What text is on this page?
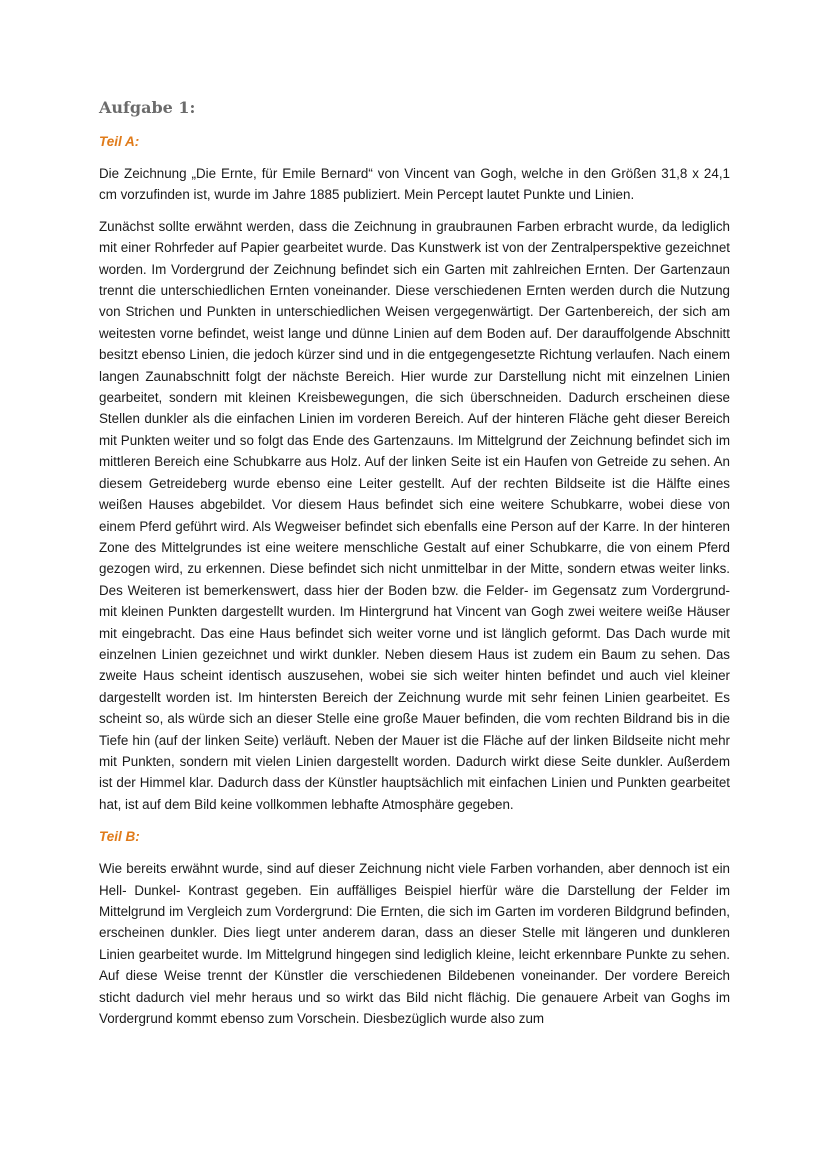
Aufgabe 1:
Teil A:

Die Zeichnung „Die Ernte, für Emile Bernard“ von Vincent van Gogh, welche in den Größen 31,8 x 24,1 cm vorzufinden ist, wurde im Jahre 1885 publiziert. Mein Percept lautet Punkte und Linien.

Zunächst sollte erwähnt werden, dass die Zeichnung in graubraunen Farben erbracht wurde, da lediglich mit einer Rohrfeder auf Papier gearbeitet wurde. Das Kunstwerk ist von der Zentralperspektive gezeichnet worden. Im Vordergrund der Zeichnung befindet sich ein Garten mit zahlreichen Ernten. Der Gartenzaun trennt die unterschiedlichen Ernten voneinander. Diese verschiedenen Ernten werden durch die Nutzung von Strichen und Punkten in unterschiedlichen Weisen vergegenwärtigt. Der Gartenbereich, der sich am weitesten vorne befindet, weist lange und dünne Linien auf dem Boden auf. Der darauffolgende Abschnitt besitzt ebenso Linien, die jedoch kürzer sind und in die entgegengesetzte Richtung verlaufen. Nach einem langen Zaunabschnitt folgt der nächste Bereich. Hier wurde zur Darstellung nicht mit einzelnen Linien gearbeitet, sondern mit kleinen Kreisbewegungen, die sich überschneiden. Dadurch erscheinen diese Stellen dunkler als die einfachen Linien im vorderen Bereich. Auf der hinteren Fläche geht dieser Bereich mit Punkten weiter und so folgt das Ende des Gartenzauns. Im Mittelgrund der Zeichnung befindet sich im mittleren Bereich eine Schubkarre aus Holz. Auf der linken Seite ist ein Haufen von Getreide zu sehen. An diesem Getreideberg wurde ebenso eine Leiter gestellt. Auf der rechten Bildseite ist die Hälfte eines weißen Hauses abgebildet. Vor diesem Haus befindet sich eine weitere Schubkarre, wobei diese von einem Pferd geführt wird. Als Wegweiser befindet sich ebenfalls eine Person auf der Karre. In der hinteren Zone des Mittelgrundes ist eine weitere menschliche Gestalt auf einer Schubkarre, die von einem Pferd gezogen wird, zu erkennen. Diese befindet sich nicht unmittelbar in der Mitte, sondern etwas weiter links. Des Weiteren ist bemerkenswert, dass hier der Boden bzw. die Felder- im Gegensatz zum Vordergrund- mit kleinen Punkten dargestellt wurden. Im Hintergrund hat Vincent van Gogh zwei weitere weiße Häuser mit eingebracht. Das eine Haus befindet sich weiter vorne und ist länglich geformt. Das Dach wurde mit einzelnen Linien gezeichnet und wirkt dunkler. Neben diesem Haus ist zudem ein Baum zu sehen. Das zweite Haus scheint identisch auszusehen, wobei sie sich weiter hinten befindet und auch viel kleiner dargestellt worden ist. Im hintersten Bereich der Zeichnung wurde mit sehr feinen Linien gearbeitet. Es scheint so, als würde sich an dieser Stelle eine große Mauer befinden, die vom rechten Bildrand bis in die Tiefe hin (auf der linken Seite) verläuft. Neben der Mauer ist die Fläche auf der linken Bildseite nicht mehr mit Punkten, sondern mit vielen Linien dargestellt worden. Dadurch wirkt diese Seite dunkler. Außerdem ist der Himmel klar. Dadurch dass der Künstler hauptsächlich mit einfachen Linien und Punkten gearbeitet hat, ist auf dem Bild keine vollkommen lebhafte Atmosphäre gegeben.

Teil B:

Wie bereits erwähnt wurde, sind auf dieser Zeichnung nicht viele Farben vorhanden, aber dennoch ist ein Hell- Dunkel- Kontrast gegeben. Ein auffälliges Beispiel hierfür wäre die Darstellung der Felder im Mittelgrund im Vergleich zum Vordergrund: Die Ernten, die sich im Garten im vorderen Bildgrund befinden, erscheinen dunkler. Dies liegt unter anderem daran, dass an dieser Stelle mit längeren und dunkleren Linien gearbeitet wurde. Im Mittelgrund hingegen sind lediglich kleine, leicht erkennbare Punkte zu sehen. Auf diese Weise trennt der Künstler die verschiedenen Bildebenen voneinander. Der vordere Bereich sticht dadurch viel mehr heraus und so wirkt das Bild nicht flächig. Die genauere Arbeit van Goghs im Vordergrund kommt ebenso zum Vorschein. Diesbezüglich wurde also zum
